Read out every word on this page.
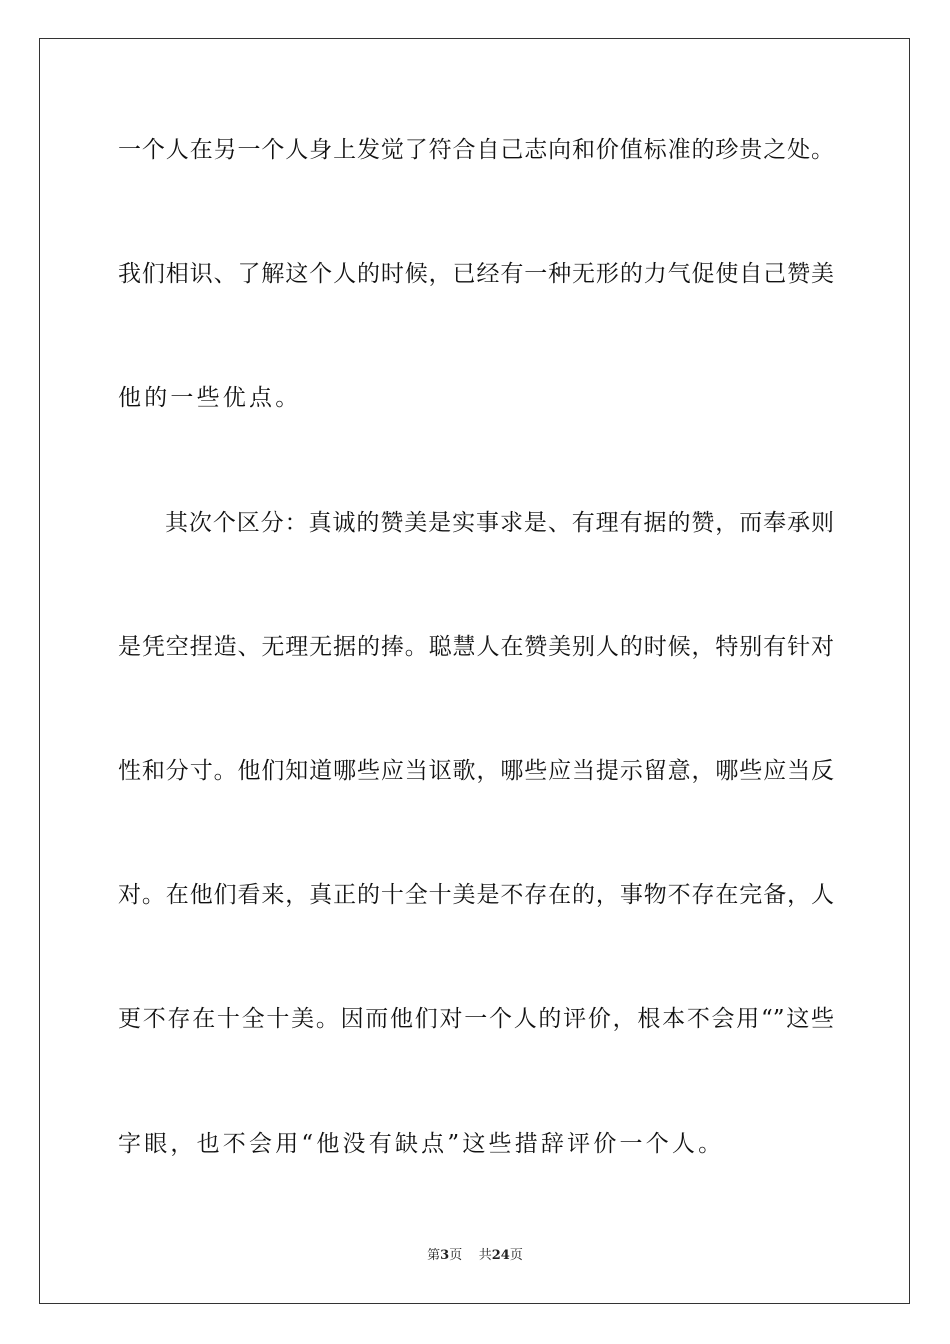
一个人在另一个人身上发觉了符合自己志向和价值标准的珍贵之处。
我们相识、了解这个人的时候，已经有一种无形的力气促使自己赞美
他的一些优点。
其次个区分：真诚的赞美是实事求是、有理有据的赞，而奉承则
是凭空捏造、无理无据的捧。聪慧人在赞美别人的时候，特别有针对
性和分寸。他们知道哪些应当讴歌，哪些应当提示留意，哪些应当反
对。在他们看来，真正的十全十美是不存在的，事物不存在完备，人
更不存在十全十美。因而他们对一个人的评价，根本不会用“”这些
字眼，也不会用“他没有缺点”这些措辞评价一个人。
第3页 共24页
